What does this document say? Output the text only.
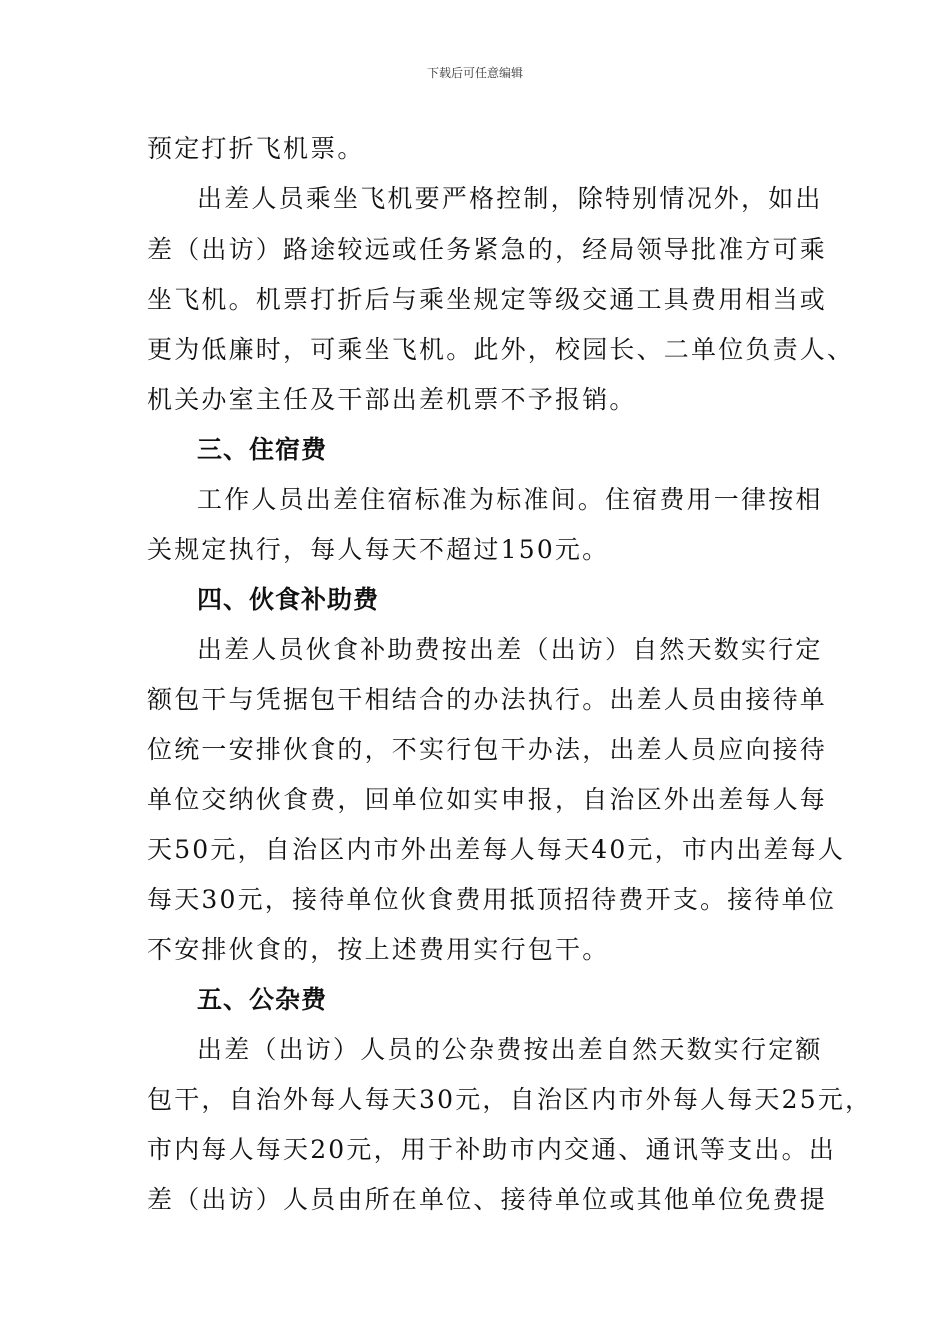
下载后可任意编辑
预定打折飞机票。
出差人员乘坐飞机要严格控制，除特别情况外，如出
差（出访）路途较远或任务紧急的，经局领导批准方可乘
坐飞机。机票打折后与乘坐规定等级交通工具费用相当或
更为低廉时，可乘坐飞机。此外，校园长、二单位负责人、
机关办室主任及干部出差机票不予报销。
三、住宿费
工作人员出差住宿标准为标准间。住宿费用一律按相
关规定执行，每人每天不超过150元。
四、伙食补助费
出差人员伙食补助费按出差（出访）自然天数实行定
额包干与凭据包干相结合的办法执行。出差人员由接待单
位统一安排伙食的，不实行包干办法，出差人员应向接待
单位交纳伙食费，回单位如实申报，自治区外出差每人每
天50元，自治区内市外出差每人每天40元，市内出差每人
每天30元，接待单位伙食费用抵顶招待费开支。接待单位
不安排伙食的，按上述费用实行包干。
五、公杂费
出差（出访）人员的公杂费按出差自然天数实行定额
包干，自治外每人每天30元，自治区内市外每人每天25元，
市内每人每天20元，用于补助市内交通、通讯等支出。出
差（出访）人员由所在单位、接待单位或其他单位免费提
